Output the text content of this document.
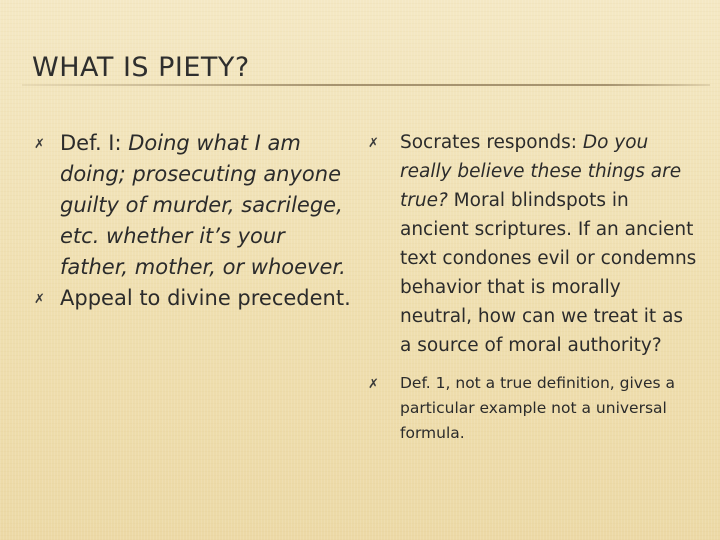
WHAT IS PIETY?
✗ Def. I: Doing what I am doing; prosecuting anyone guilty of murder, sacrilege, etc. whether it’s your father, mother, or whoever.
✗ Appeal to divine precedent.
✗ Socrates responds: Do you really believe these things are true? Moral blindspots in ancient scriptures. If an ancient text condones evil or condemns behavior that is morally neutral, how can we treat it as a source of moral authority?
✗ Def. 1, not a true definition, gives a particular example not a universal formula.
